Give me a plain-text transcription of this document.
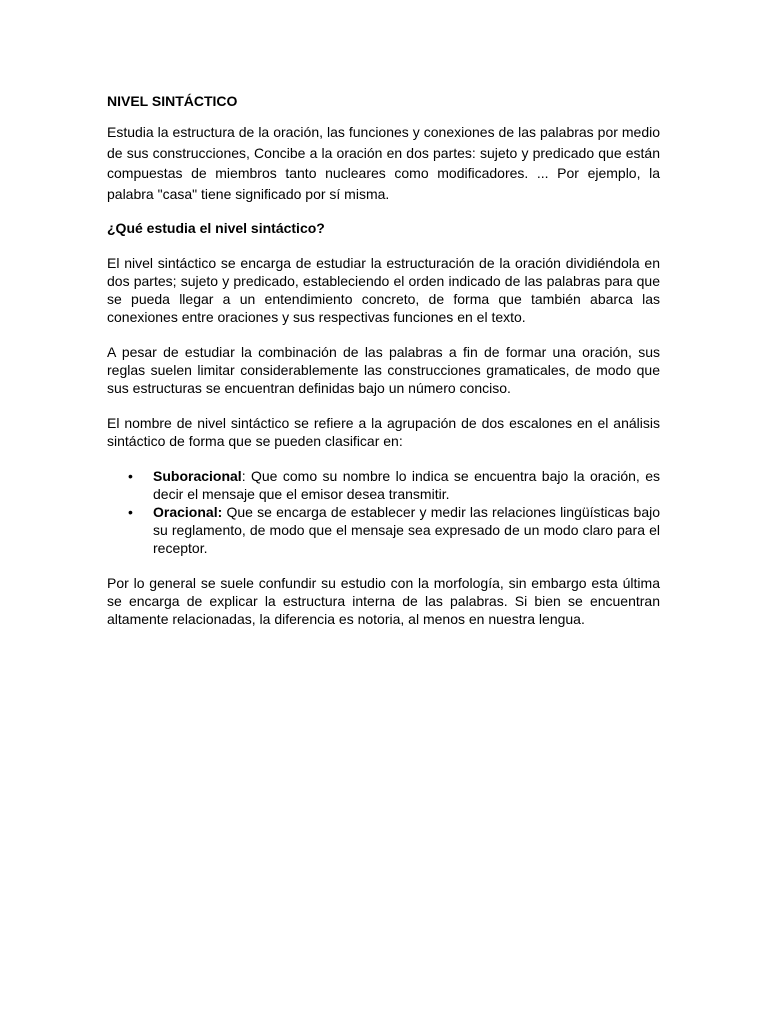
NIVEL SINTÁCTICO

Estudia la estructura de la oración, las funciones y conexiones de las palabras por medio de sus construcciones, Concibe a la oración en dos partes: sujeto y predicado que están compuestas de miembros tanto nucleares como modificadores. ... Por ejemplo, la palabra "casa" tiene significado por sí misma.

¿Qué estudia el nivel sintáctico?

El nivel sintáctico se encarga de estudiar la estructuración de la oración dividiéndola en dos partes; sujeto y predicado, estableciendo el orden indicado de las palabras para que se pueda llegar a un entendimiento concreto, de forma que también abarca las conexiones entre oraciones y sus respectivas funciones en el texto.

A pesar de estudiar la combinación de las palabras a fin de formar una oración, sus reglas suelen limitar considerablemente las construcciones gramaticales, de modo que sus estructuras se encuentran definidas bajo un número conciso.

El nombre de nivel sintáctico se refiere a la agrupación de dos escalones en el análisis sintáctico de forma que se pueden clasificar en:

• Suboracional: Que como su nombre lo indica se encuentra bajo la oración, es decir el mensaje que el emisor desea transmitir.
• Oracional: Que se encarga de establecer y medir las relaciones lingüísticas bajo su reglamento, de modo que el mensaje sea expresado de un modo claro para el receptor.

Por lo general se suele confundir su estudio con la morfología, sin embargo esta última se encarga de explicar la estructura interna de las palabras. Si bien se encuentran altamente relacionadas, la diferencia es notoria, al menos en nuestra lengua.
